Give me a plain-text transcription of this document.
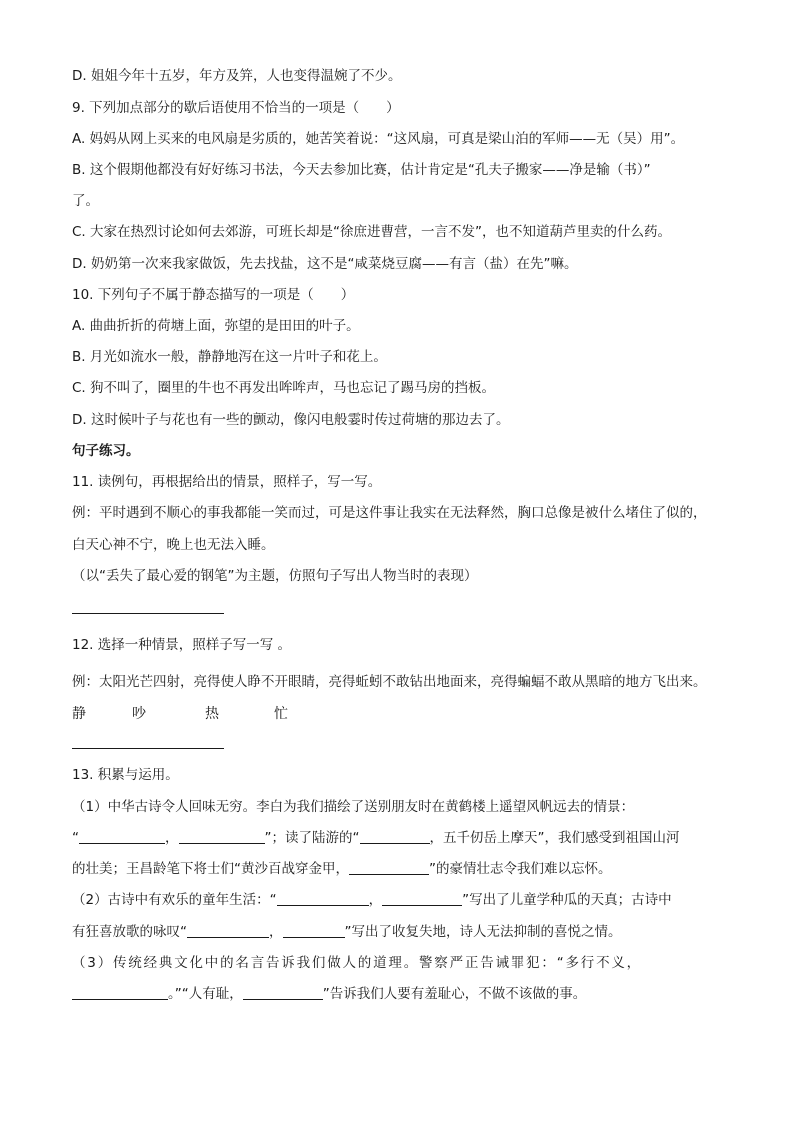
D. 姐姐今年十五岁，年方及笄，人也变得温婉了不少。
9. 下列加点部分的歇后语使用不恰当的一项是（　　）
A. 妈妈从网上买来的电风扇是劣质的，她苦笑着说：“这风扇，可真是梁山泊的军师——无（吴）用”。
B. 这个假期他都没有好好练习书法，今天去参加比赛，估计肯定是“孔夫子搬家——净是输（书）”
了。
C. 大家在热烈讨论如何去郊游，可班长却是“徐庶进曹营，一言不发”，也不知道葫芦里卖的什么药。
D. 奶奶第一次来我家做饭，先去找盐，这不是“咸菜烧豆腐——有言（盐）在先”嘛。
10. 下列句子不属于静态描写的一项是（　　）
A. 曲曲折折的荷塘上面，弥望的是田田的叶子。
B. 月光如流水一般，静静地泻在这一片叶子和花上。
C. 狗不叫了，圈里的牛也不再发出哞哞声，马也忘记了踢马房的挡板。
D. 这时候叶子与花也有一些的颤动，像闪电般霎时传过荷塘的那边去了。
句子练习。
11. 读例句，再根据给出的情景，照样子，写一写。
例：平时遇到不顺心的事我都能一笑而过，可是这件事让我实在无法释然，胸口总像是被什么堵住了似的，
白天心神不宁，晚上也无法入睡。
（以“丢失了最心爱的钢笔”为主题，仿照句子写出人物当时的表现）
12. 选择一种情景，照样子写一写 。
例：太阳光芒四射，亮得使人睁不开眼睛，亮得蚯蚓不敢钻出地面来，亮得蝙蝠不敢从黑暗的地方飞出来。
静	吵	热	忙
13. 积累与运用。
（1）中华古诗令人回味无穷。李白为我们描绘了送别朋友时在黄鹤楼上遥望风帆远去的情景：
“	，	”；读了陆游的“	，五千仞岳上摩天”，我们感受到祖国山河
的壮美；王昌龄笔下将士们“黄沙百战穿金甲，	”的豪情壮志令我们难以忘怀。
（2）古诗中有欢乐的童年生活：“	，	”写出了儿童学种瓜的天真；古诗中
有狂喜放歌的咏叹“	，	”写出了收复失地，诗人无法抑制的喜悦之情。
（3）传统经典文化中的名言告诉我们做人的道理。警察严正告诫罪犯：“多行不义，
。”“人有耻，	”告诉我们人要有羞耻心，不做不该做的事。
